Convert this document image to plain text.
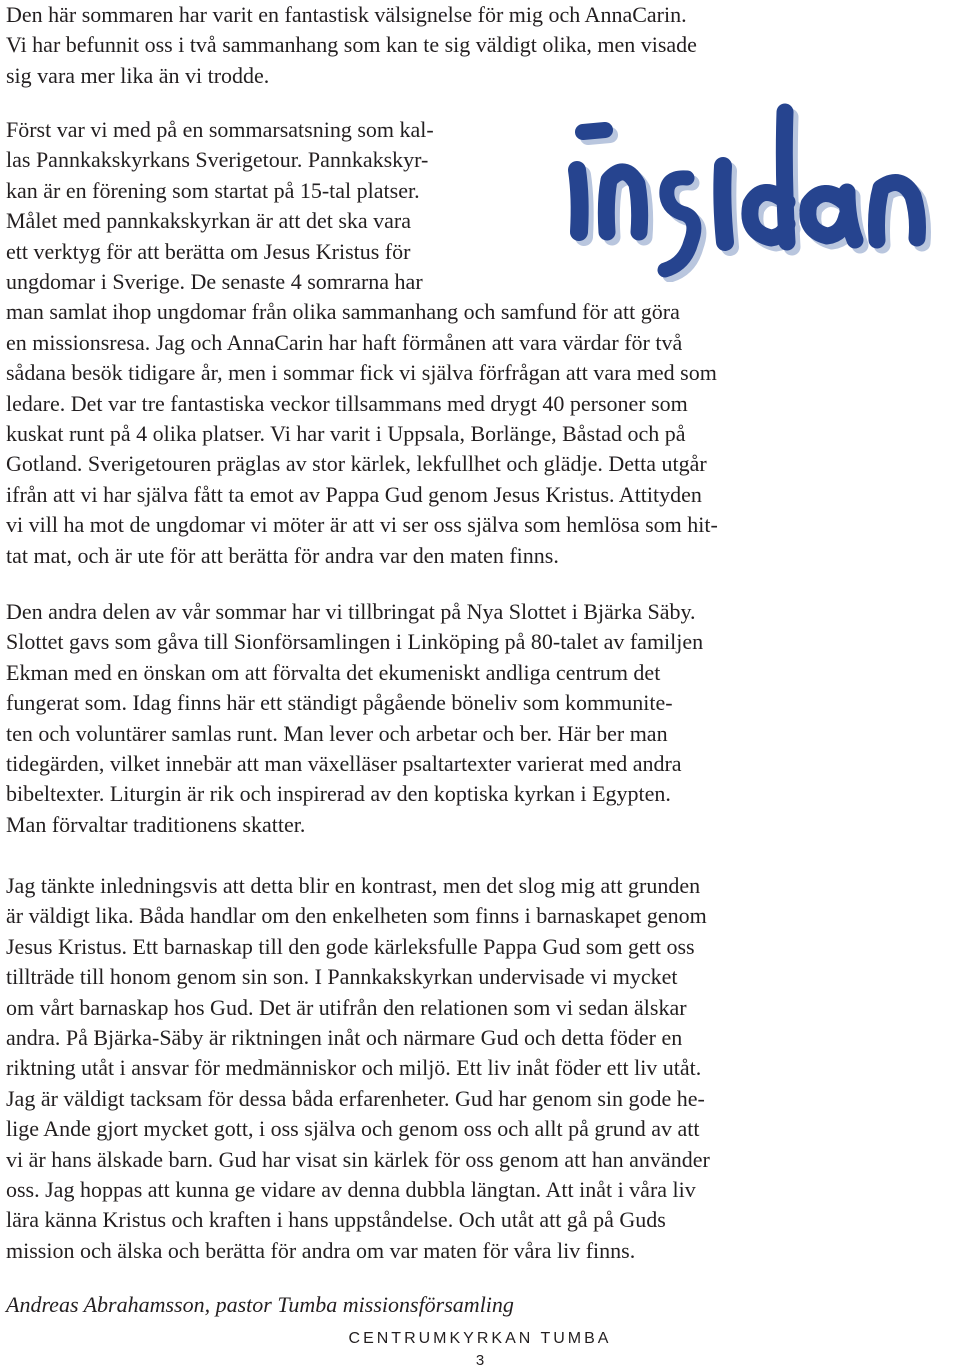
Den här sommaren har varit en fantastisk välsignelse för mig och AnnaCarin.
Vi har befunnit oss i två sammanhang som kan te sig väldigt olika, men visade
sig vara mer lika än vi trodde.
Först var vi med på en sommarsatsning som kal-
las Pannkakskyrkans Sverigetour. Pannkakskyr-
kan är en förening som startat på 15-tal platser.
Målet med pannkakskyrkan är att det ska vara
ett verktyg för att berätta om Jesus Kristus för
ungdomar i Sverige. De senaste 4 somrarna har
man samlat ihop ungdomar från olika sammanhang och samfund för att göra
en missionsresa. Jag och AnnaCarin har haft förmånen att vara värdar för två
sådana besök tidigare år, men i sommar fick vi själva förfrågan att vara med som
ledare. Det var tre fantastiska veckor tillsammans med drygt 40 personer som
kuskat runt på 4 olika platser. Vi har varit i Uppsala, Borlänge, Båstad och på
Gotland. Sverigetouren präglas av stor kärlek, lekfullhet och glädje. Detta utgår
ifrån att vi har själva fått ta emot av Pappa Gud genom Jesus Kristus. Attityden
vi vill ha mot de ungdomar vi möter är att vi ser oss själva som hemlösa som hit-
tat mat, och är ute för att berätta för andra var den maten finns.
Den andra delen av vår sommar har vi tillbringat på Nya Slottet i Bjärka Säby.
Slottet gavs som gåva till Sionförsamlingen i Linköping på 80-talet av familjen
Ekman med en önskan om att förvalta det ekumeniskt andliga centrum det
fungerat som. Idag finns här ett ständigt pågående böneliv som kommunite-
ten och voluntärer samlas runt. Man lever och arbetar och ber. Här ber man
tidegärden, vilket innebär att man växelläser psaltartexter varierat med andra
bibeltexter. Liturgin är rik och inspirerad av den koptiska kyrkan i Egypten.
Man förvaltar traditionens skatter.
Jag tänkte inledningsvis att detta blir en kontrast, men det slog mig att grunden
är väldigt lika. Båda handlar om den enkelheten som finns i barnaskapet genom
Jesus Kristus. Ett barnaskap till den gode kärleksfulle Pappa Gud som gett oss
tillträde till honom genom sin son. I Pannkakskyrkan undervisade vi mycket
om vårt barnaskap hos Gud. Det är utifrån den relationen som vi sedan älskar
andra. På Bjärka-Säby är riktningen inåt och närmare Gud och detta föder en
riktning utåt i ansvar för medmänniskor och miljö. Ett liv inåt föder ett liv utåt.
Jag är väldigt tacksam för dessa båda erfarenheter. Gud har genom sin gode he-
lige Ande gjort mycket gott, i oss själva och genom oss och allt på grund av att
vi är hans älskade barn. Gud har visat sin kärlek för oss genom att han använder
oss. Jag hoppas att kunna ge vidare av denna dubbla längtan. Att inåt i våra liv
lära känna Kristus och kraften i hans uppståndelse. Och utåt att gå på Guds
mission och älska och berätta för andra om var maten för våra liv finns.

Andreas Abrahamsson, pastor Tumba missionsförsamling

CENTRUMKYRKAN TUMBA
3
